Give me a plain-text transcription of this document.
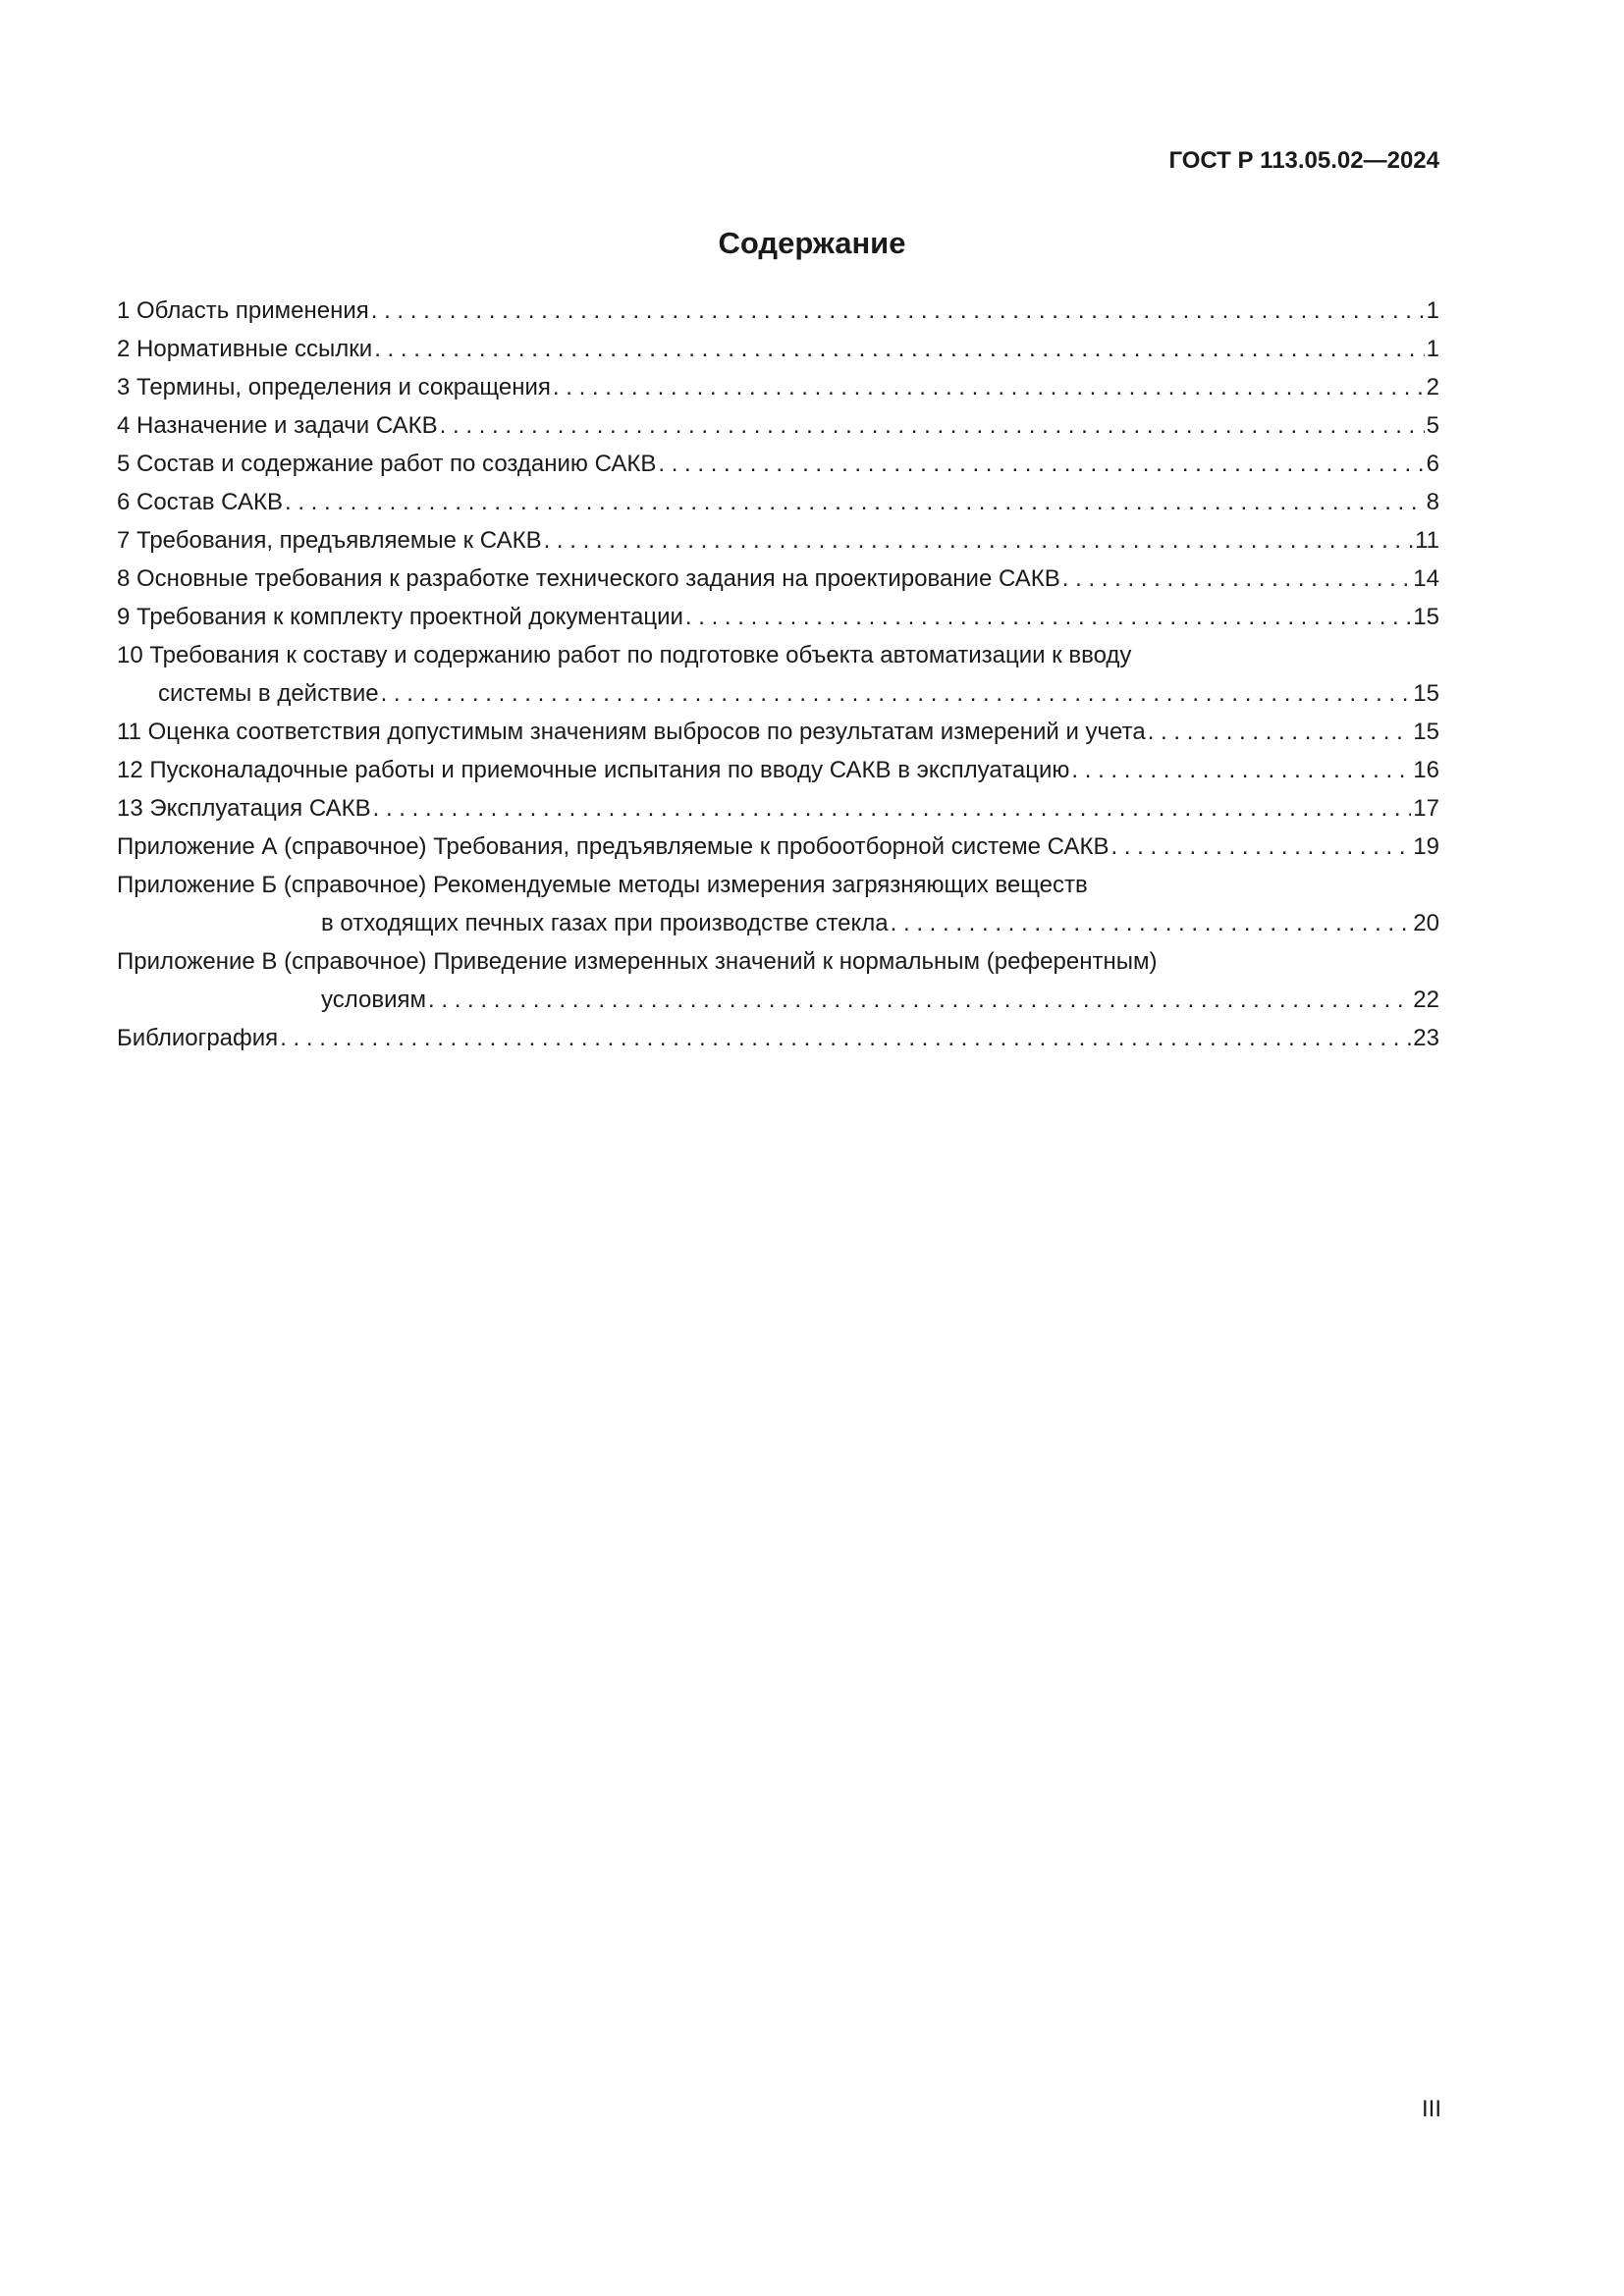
ГОСТ Р 113.05.02—2024
Содержание
1 Область применения . . .	1
2 Нормативные ссылки . . .	1
3 Термины, определения и сокращения . . .	2
4 Назначение и задачи САКВ . . .	5
5 Состав и содержание работ по созданию САКВ . . .	6
6 Состав САКВ . . .	8
7 Требования, предъявляемые к САКВ . . .	11
8 Основные требования к разработке технического задания на проектирование САКВ . . .	14
9 Требования к комплекту проектной документации . . .	15
10 Требования к составу и содержанию работ по подготовке объекта автоматизации к вводу
системы в действие . . .	15
11 Оценка соответствия допустимым значениям выбросов по результатам измерений и учета . . .	15
12 Пусконаладочные работы и приемочные испытания по вводу САКВ в эксплуатацию . . .	16
13 Эксплуатация САКВ . . .	17
Приложение А (справочное) Требования, предъявляемые к пробоотборной системе САКВ . . .	19
Приложение Б (справочное) Рекомендуемые методы измерения загрязняющих веществ
в отходящих печных газах при производстве стекла . . .	20
Приложение В (справочное) Приведение измеренных значений к нормальным (референтным)
условиям . . .	22
Библиография . . .	23
III
